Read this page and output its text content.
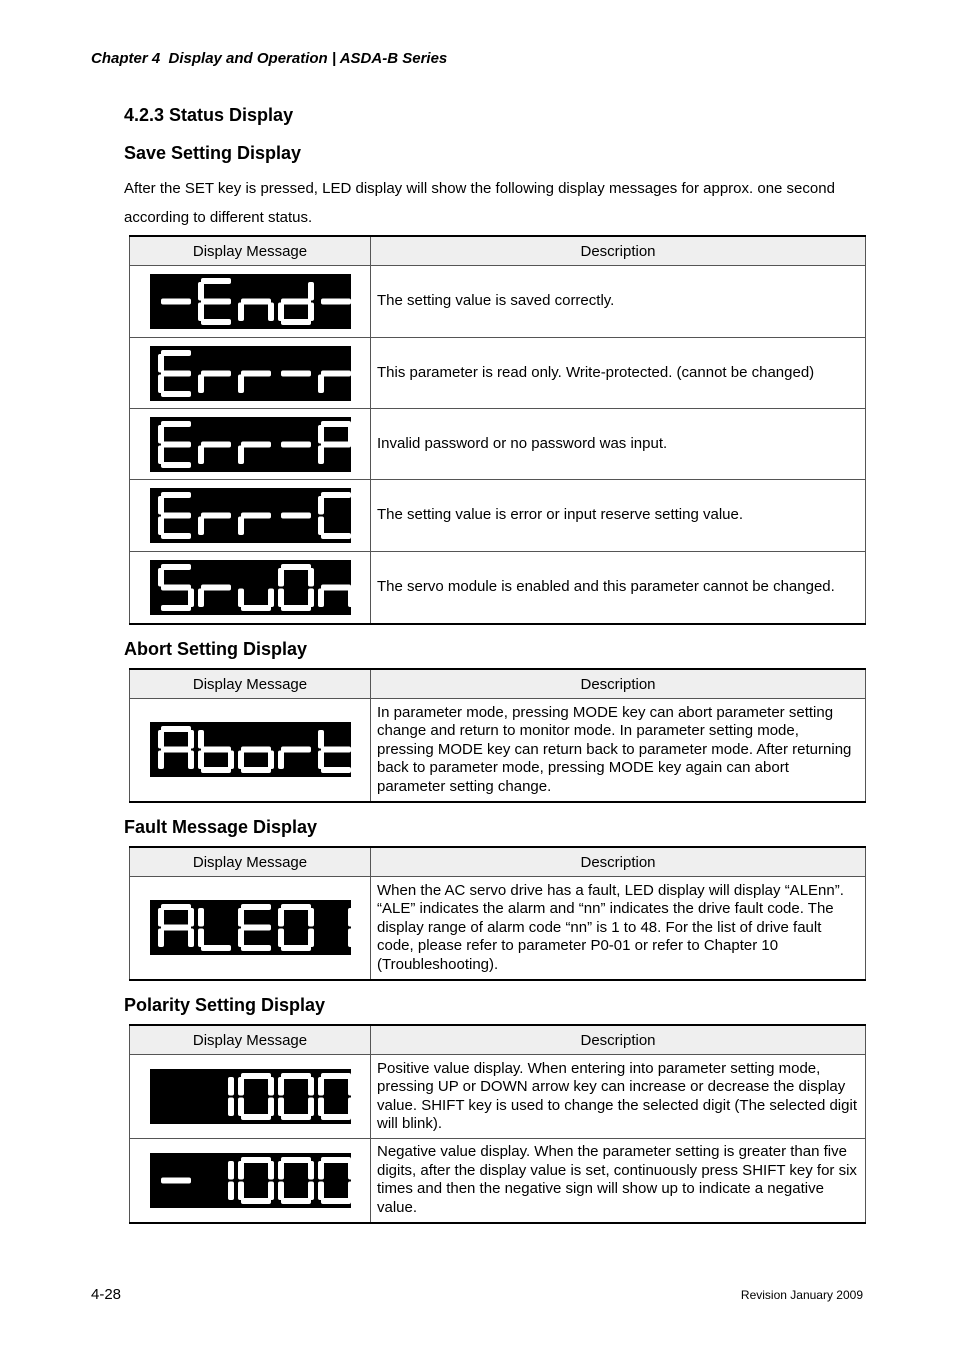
Chapter 4  Display and Operation | ASDA-B Series
4.2.3 Status Display
Save Setting Display
After the SET key is pressed, LED display will show the following display messages for approx. one second according to different status.
Display Message	Description

	The setting value is saved correctly.

	This parameter is read only. Write-protected. (cannot be changed)

	Invalid password or no password was input.

	The setting value is error or input reserve setting value.

	The servo module is enabled and this parameter cannot be changed.
Abort Setting Display
Display Message	Description

	In parameter mode, pressing MODE key can abort parameter setting change and return to monitor mode. In parameter setting mode, pressing MODE key can return back to parameter mode. After returning back to parameter mode, pressing MODE key again can abort parameter setting change.
Fault Message Display
Display Message	Description

	When the AC servo drive has a fault, LED display will display “ALEnn”. “ALE” indicates the alarm and “nn” indicates the drive fault code. The display range of alarm code “nn” is 1 to 48. For the list of drive fault code, please refer to parameter P0-01 or refer to Chapter 10 (Troubleshooting).
Polarity Setting Display
Display Message	Description

	Positive value display. When entering into parameter setting mode, pressing UP or DOWN arrow key can increase or decrease the display value. SHIFT key is used to change the selected digit (The selected digit will blink).

	Negative value display. When the parameter setting is greater than five digits, after the display value is set, continuously press SHIFT key for six times and then the negative sign will show up to indicate a negative value.
4-28	Revision January 2009
